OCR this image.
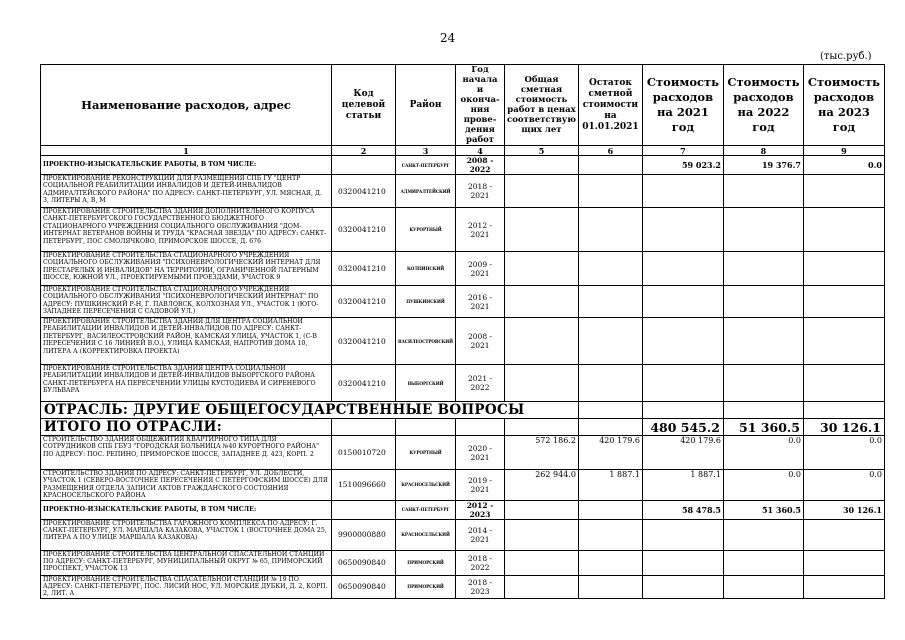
24
(тыс.руб.)
Наименование расходов, адрес	Код целевой статьи	Район	Год начала и оконча-ния прове-дения работ	Общая сметная стоимость работ в ценах соответствую щих лет	Остаток сметной стоимости на 01.01.2021	Стоимость расходов на 2021 год	Стоимость расходов на 2022 год	Стоимость расходов на 2023 год
1	2	3	4	5	6	7	8	9
ПРОЕКТНО-ИЗЫСКАТЕЛЬСКИЕ РАБОТЫ, В ТОМ ЧИСЛЕ:		САНКТ-ПЕТЕРБУРГ	2008 - 2022			59 023.2	19 376.7	0.0
ПРОЕКТИРОВАНИЕ РЕКОНСТРУКЦИИ ДЛЯ РАЗМЕЩЕНИЯ СПБ ГУ "ЦЕНТР СОЦИАЛЬНОЙ РЕАБИЛИТАЦИИ ИНВАЛИДОВ И ДЕТЕЙ-ИНВАЛИДОВ АДМИРАЛТЕЙСКОГО РАЙОНА" ПО АДРЕСУ: САНКТ-ПЕТЕРБУРГ, УЛ. МЯСНАЯ, Д. 3, ЛИТЕРЫ А, В, М	0320041210	АДМИРАЛТЕЙСКИЙ	2018 - 2021					
ПРОЕКТИРОВАНИЕ СТРОИТЕЛЬСТВА ЗДАНИЯ ДОПОЛНИТЕЛЬНОГО КОРПУСА САНКТ-ПЕТЕРБУРГСКОГО ГОСУДАРСТВЕННОГО БЮДЖЕТНОГО СТАЦИОНАРНОГО УЧРЕЖДЕНИЯ СОЦИАЛЬНОГО ОБСЛУЖИВАНИЯ "ДОМ-ИНТЕРНАТ ВЕТЕРАНОВ ВОЙНЫ И ТРУДА "КРАСНАЯ ЗВЕЗДА" ПО АДРЕСУ: САНКТ-ПЕТЕРБУРГ, ПОС СМОЛЯЧКОВО, ПРИМОРСКОЕ ШОССЕ, Д. 676	0320041210	КУРОРТНЫЙ	2012 - 2021					
ПРОЕКТИРОВАНИЕ СТРОИТЕЛЬСТВА СТАЦИОНАРНОГО УЧРЕЖДЕНИЯ СОЦИАЛЬНОГО ОБСЛУЖИВАНИЯ "ПСИХОНЕВРОЛОГИЧЕСКИЙ ИНТЕРНАТ ДЛЯ ПРЕСТАРЕЛЫХ И ИНВАЛИДОВ" НА ТЕРРИТОРИИ, ОГРАНИЧЕННОЙ ЛАГЕРНЫМ ШОССЕ, ЮЖНОЙ УЛ., ПРОЕКТИРУЕМЫМИ ПРОЕЗДАМИ, УЧАСТОК 9	0320041210	КОЛПИНСКИЙ	2009 - 2021					
ПРОЕКТИРОВАНИЕ СТРОИТЕЛЬСТВА СТАЦИОНАРНОГО УЧРЕЖДЕНИЯ СОЦИАЛЬНОГО ОБСЛУЖИВАНИЯ "ПСИХОНЕВРОЛОГИЧЕСКИЙ ИНТЕРНАТ" ПО АДРЕСУ: ПУШКИНСКИЙ Р-Н, Г. ПАВЛОВСК, КОЛХОЗНАЯ УЛ., УЧАСТОК 1 (ЮГО-ЗАПАДНЕЕ ПЕРЕСЕЧЕНИЯ С САДОВОЙ УЛ.)	0320041210	ПУШКИНСКИЙ	2016 - 2021					
ПРОЕКТИРОВАНИЕ СТРОИТЕЛЬСТВА ЗДАНИЯ ДЛЯ ЦЕНТРА СОЦИАЛЬНОЙ РЕАБИЛИТАЦИИ ИНВАЛИДОВ И ДЕТЕЙ-ИНВАЛИДОВ ПО АДРЕСУ: САНКТ-ПЕТЕРБУРГ, ВАСИЛЕОСТРОВСКИЙ РАЙОН, КАМСКАЯ УЛИЦА, УЧАСТОК 1, (С-В ПЕРЕСЕЧЕНИЯ С 16 ЛИНИЕЙ В.О.), УЛИЦА КАМСКАЯ, НАПРОТИВ ДОМА 10, ЛИТЕРА А (КОРРЕКТИРОВКА ПРОЕКТА)	0320041210	ВАСИЛЕОСТРОВСКИЙ	2008 - 2021					
ПРОЕКТИРОВАНИЕ СТРОИТЕЛЬСТВА ЗДАНИЯ ЦЕНТРА СОЦИАЛЬНОЙ РЕАБИЛИТАЦИИ ИНВАЛИДОВ И ДЕТЕЙ-ИНВАЛИДОВ ВЫБОРГСКОГО РАЙОНА САНКТ-ПЕТЕРБУРГА НА ПЕРЕСЕЧЕНИИ УЛИЦЫ КУСТОДИЕВА И СИРЕНЕВОГО БУЛЬВАРА	0320041210	ВЫБОРГСКИЙ	2021 - 2022					
ОТРАСЛЬ: ДРУГИЕ ОБЩЕГОСУДАРСТВЕННЫЕ ВОПРОСЫ								
ИТОГО ПО ОТРАСЛИ:						480 545.2	51 360.5	30 126.1
СТРОИТЕЛЬСТВО ЗДАНИЯ ОБЩЕЖИТИЯ КВАРТИРНОГО ТИПА ДЛЯ СОТРУДНИКОВ СПБ ГБУЗ "ГОРОДСКАЯ БОЛЬНИЦА №40 КУРОРТНОГО РАЙОНА" ПО АДРЕСУ: ПОС. РЕПИНО, ПРИМОРСКОЕ ШОССЕ, ЗАПАДНЕЕ Д. 423, КОРП. 2	0150010720	КУРОРТНЫЙ	2020 - 2021	572 186.2	420 179.6	420 179.6	0.0	0.0
СТРОИТЕЛЬСТВО ЗДАНИЯ ПО АДРЕСУ: САНКТ-ПЕТЕРБУРГ, УЛ. ДОБЛЕСТИ, УЧАСТОК 1 (СЕВЕРО-ВОСТОЧНЕЕ ПЕРЕСЕЧЕНИЯ С ПЕТЕРГОФСКИМ ШОССЕ) ДЛЯ РАЗМЕЩЕНИЯ ОТДЕЛА ЗАПИСИ АКТОВ ГРАЖДАНСКОГО СОСТОЯНИЯ КРАСНОСЕЛЬСКОГО РАЙОНА	1510096660	КРАСНОСЕЛЬСКИЙ	2019 - 2021	262 944.0	1 887.1	1 887.1	0.0	0.0
ПРОЕКТНО-ИЗЫСКАТЕЛЬСКИЕ РАБОТЫ, В ТОМ ЧИСЛЕ:		САНКТ-ПЕТЕРБУРГ	2012 - 2023			58 478.5	51 360.5	30 126.1
ПРОЕКТИРОВАНИЕ СТРОИТЕЛЬСТВА ГАРАЖНОГО КОМПЛЕКСА ПО АДРЕСУ: Г. САНКТ-ПЕТЕРБУРГ, УЛ. МАРШАЛА КАЗАКОВА, УЧАСТОК 1 (ВОСТОЧНЕЕ ДОМА 25, ЛИТЕРА А ПО УЛИЦЕ МАРШАЛА КАЗАКОВА)	9900000880	КРАСНОСЕЛЬСКИЙ	2014 - 2021					
ПРОЕКТИРОВАНИЕ СТРОИТЕЛЬСТВА ЦЕНТРАЛЬНОЙ СПАСАТЕЛЬНОЙ СТАНЦИИ ПО АДРЕСУ: САНКТ-ПЕТЕРБУРГ, МУНИЦИПАЛЬНЫЙ ОКРУГ № 65, ПРИМОРСКИЙ ПРОСПЕКТ, УЧАСТОК 13	0650090840	ПРИМОРСКИЙ	2018 - 2022					
ПРОЕКТИРОВАНИЕ СТРОИТЕЛЬСТВА СПАСАТЕЛЬНОЙ СТАНЦИИ № 19 ПО АДРЕСУ: САНКТ-ПЕТЕРБУРГ, ПОС. ЛИСИЙ НОС, УЛ. МОРСКИЕ ДУБКИ, Д. 2, КОРП. 2, ЛИТ. А	0650090840	ПРИМОРСКИЙ	2018 - 2023					
